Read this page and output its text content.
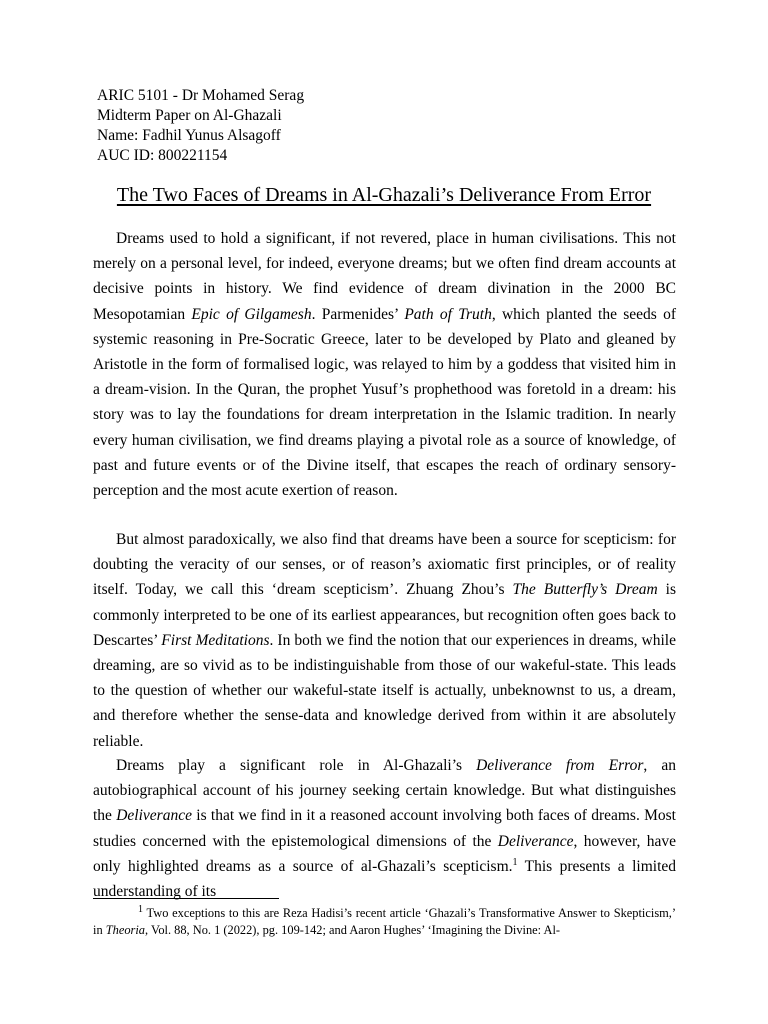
ARIC 5101 - Dr Mohamed Serag
Midterm Paper on Al-Ghazali
Name: Fadhil Yunus Alsagoff
AUC ID: 800221154
The Two Faces of Dreams in Al-Ghazali’s Deliverance From Error

Dreams used to hold a significant, if not revered, place in human civilisations. This not merely on a personal level, for indeed, everyone dreams; but we often find dream accounts at decisive points in history. We find evidence of dream divination in the 2000 BC Mesopotamian Epic of Gilgamesh. Parmenides’ Path of Truth, which planted the seeds of systemic reasoning in Pre-Socratic Greece, later to be developed by Plato and gleaned by Aristotle in the form of formalised logic, was relayed to him by a goddess that visited him in a dream-vision. In the Quran, the prophet Yusuf’s prophethood was foretold in a dream: his story was to lay the foundations for dream interpretation in the Islamic tradition. In nearly every human civilisation, we find dreams playing a pivotal role as a source of knowledge, of past and future events or of the Divine itself, that escapes the reach of ordinary sensory-perception and the most acute exertion of reason.

But almost paradoxically, we also find that dreams have been a source for scepticism: for doubting the veracity of our senses, or of reason’s axiomatic first principles, or of reality itself. Today, we call this ‘dream scepticism’. Zhuang Zhou’s The Butterfly’s Dream is commonly interpreted to be one of its earliest appearances, but recognition often goes back to Descartes’ First Meditations. In both we find the notion that our experiences in dreams, while dreaming, are so vivid as to be indistinguishable from those of our wakeful-state. This leads to the question of whether our wakeful-state itself is actually, unbeknownst to us, a dream, and therefore whether the sense-data and knowledge derived from within it are absolutely reliable.

Dreams play a significant role in Al-Ghazali’s Deliverance from Error, an autobiographical account of his journey seeking certain knowledge. But what distinguishes the Deliverance is that we find in it a reasoned account involving both faces of dreams. Most studies concerned with the epistemological dimensions of the Deliverance, however, have only highlighted dreams as a source of al-Ghazali’s scepticism.$^1$ This presents a limited understanding of its

$^1$ Two exceptions to this are Reza Hadisi’s recent article ‘Ghazali’s Transformative Answer to Skepticism,’ in Theoria, Vol. 88, No. 1 (2022), pg. 109-142; and Aaron Hughes’ ‘Imagining the Divine: Al-
